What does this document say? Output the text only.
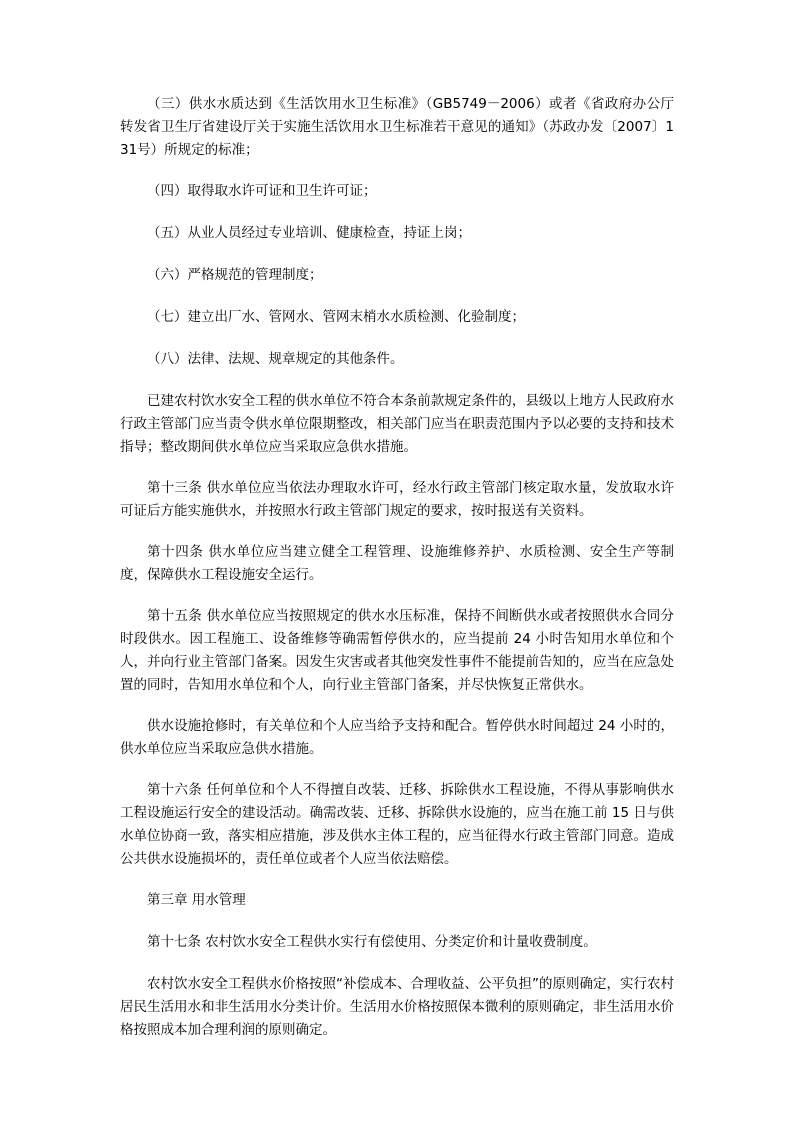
（三）供水水质达到《生活饮用水卫生标准》（GB5749－2006）或者《省政府办公厅转发省卫生厅省建设厅关于实施生活饮用水卫生标准若干意见的通知》（苏政办发〔2007〕131号）所规定的标准；

（四）取得取水许可证和卫生许可证；

（五）从业人员经过专业培训、健康检查，持证上岗；

（六）严格规范的管理制度；

（七）建立出厂水、管网水、管网末梢水水质检测、化验制度；

（八）法律、法规、规章规定的其他条件。

已建农村饮水安全工程的供水单位不符合本条前款规定条件的，县级以上地方人民政府水行政主管部门应当责令供水单位限期整改，相关部门应当在职责范围内予以必要的支持和技术指导；整改期间供水单位应当采取应急供水措施。

第十三条 供水单位应当依法办理取水许可，经水行政主管部门核定取水量，发放取水许可证后方能实施供水，并按照水行政主管部门规定的要求，按时报送有关资料。

第十四条 供水单位应当建立健全工程管理、设施维修养护、水质检测、安全生产等制度，保障供水工程设施安全运行。

第十五条 供水单位应当按照规定的供水水压标准，保持不间断供水或者按照供水合同分时段供水。因工程施工、设备维修等确需暂停供水的，应当提前 24 小时告知用水单位和个人，并向行业主管部门备案。因发生灾害或者其他突发性事件不能提前告知的，应当在应急处置的同时，告知用水单位和个人，向行业主管部门备案，并尽快恢复正常供水。

供水设施抢修时，有关单位和个人应当给予支持和配合。暂停供水时间超过 24 小时的，供水单位应当采取应急供水措施。

第十六条 任何单位和个人不得擅自改装、迁移、拆除供水工程设施，不得从事影响供水工程设施运行安全的建设活动。确需改装、迁移、拆除供水设施的，应当在施工前 15 日与供水单位协商一致，落实相应措施，涉及供水主体工程的，应当征得水行政主管部门同意。造成公共供水设施损坏的，责任单位或者个人应当依法赔偿。

第三章 用水管理

第十七条 农村饮水安全工程供水实行有偿使用、分类定价和计量收费制度。

农村饮水安全工程供水价格按照“补偿成本、合理收益、公平负担”的原则确定，实行农村居民生活用水和非生活用水分类计价。生活用水价格按照保本微利的原则确定，非生活用水价格按照成本加合理利润的原则确定。
